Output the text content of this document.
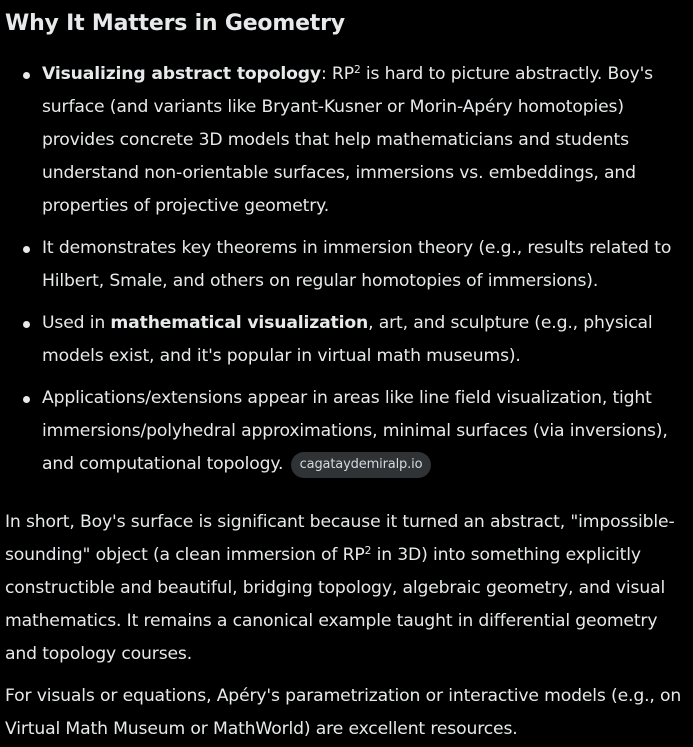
Why It Matters in Geometry
Visualizing abstract topology: $RP^2$ is hard to picture abstractly. Boy's surface (and variants like Bryant-Kusner or Morin-Apéry homotopies) provides concrete 3D models that help mathematicians and students understand non-orientable surfaces, immersions vs. embeddings, and properties of projective geometry.
It demonstrates key theorems in immersion theory (e.g., results related to Hilbert, Smale, and others on regular homotopies of immersions).
Used in mathematical visualization, art, and sculpture (e.g., physical models exist, and it's popular in virtual math museums).
Applications/extensions appear in areas like line field visualization, tight immersions/polyhedral approximations, minimal surfaces (via inversions), and computational topology. cagataydemiralp.io

In short, Boy's surface is significant because it turned an abstract, "impossible-sounding" object (a clean immersion of $RP^2$ in 3D) into something explicitly constructible and beautiful, bridging topology, algebraic geometry, and visual mathematics. It remains a canonical example taught in differential geometry and topology courses.

For visuals or equations, Apéry's parametrization or interactive models (e.g., on Virtual Math Museum or MathWorld) are excellent resources.
